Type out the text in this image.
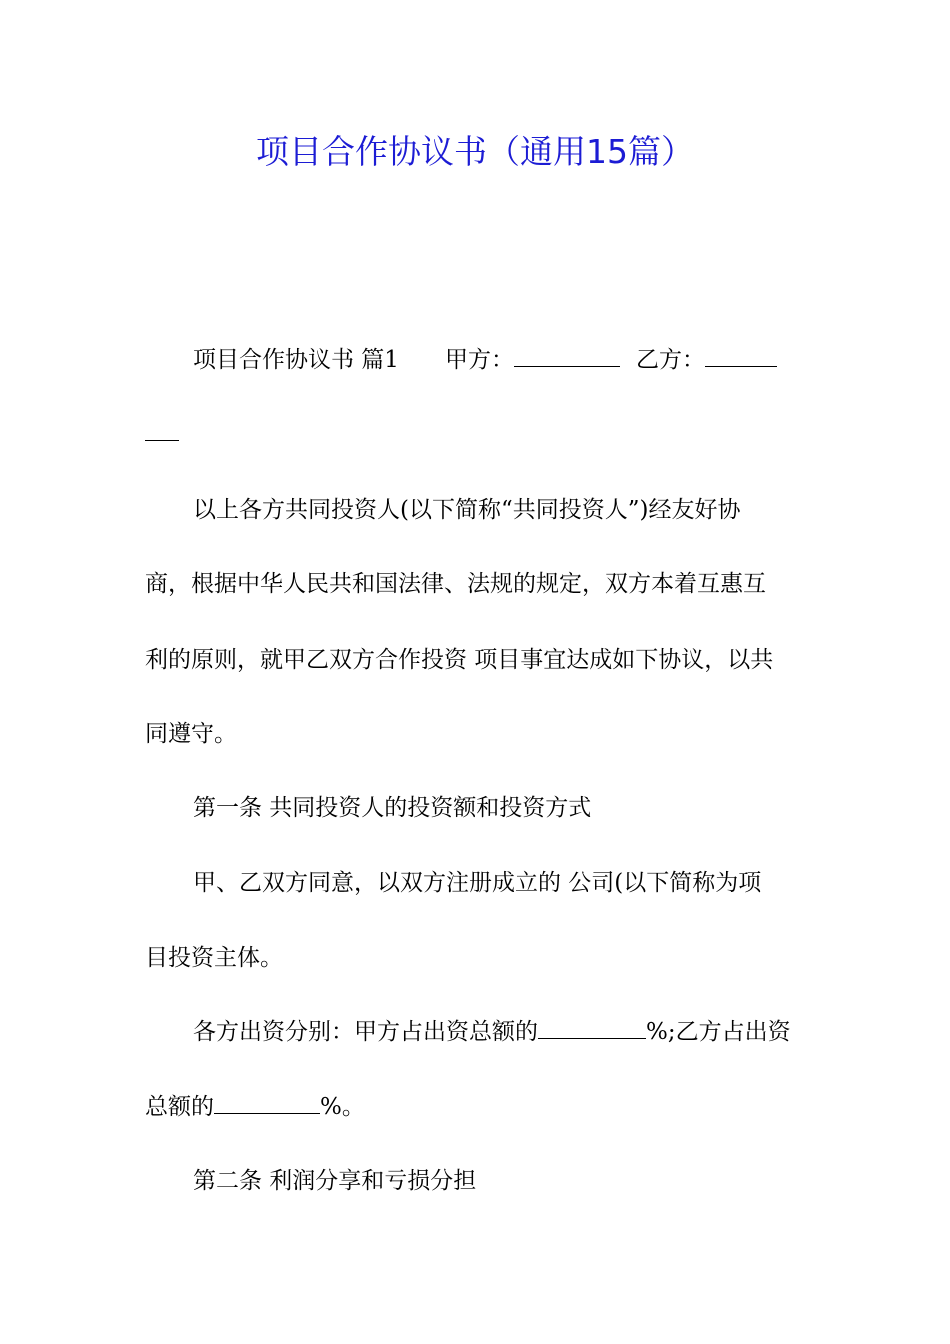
项目合作协议书（通用15篇）
项目合作协议书 篇1 甲方：	乙方：
以上各方共同投资人(以下简称“共同投资人”)经友好协
商，根据中华人民共和国法律、法规的规定，双方本着互惠互
利的原则，就甲乙双方合作投资 项目事宜达成如下协议，以共
同遵守。
第一条 共同投资人的投资额和投资方式
甲、乙双方同意，以双方注册成立的 公司(以下简称为项
目投资主体。
各方出资分别：甲方占出资总额的	%;乙方占出资
总额的	%。
第二条 利润分享和亏损分担
